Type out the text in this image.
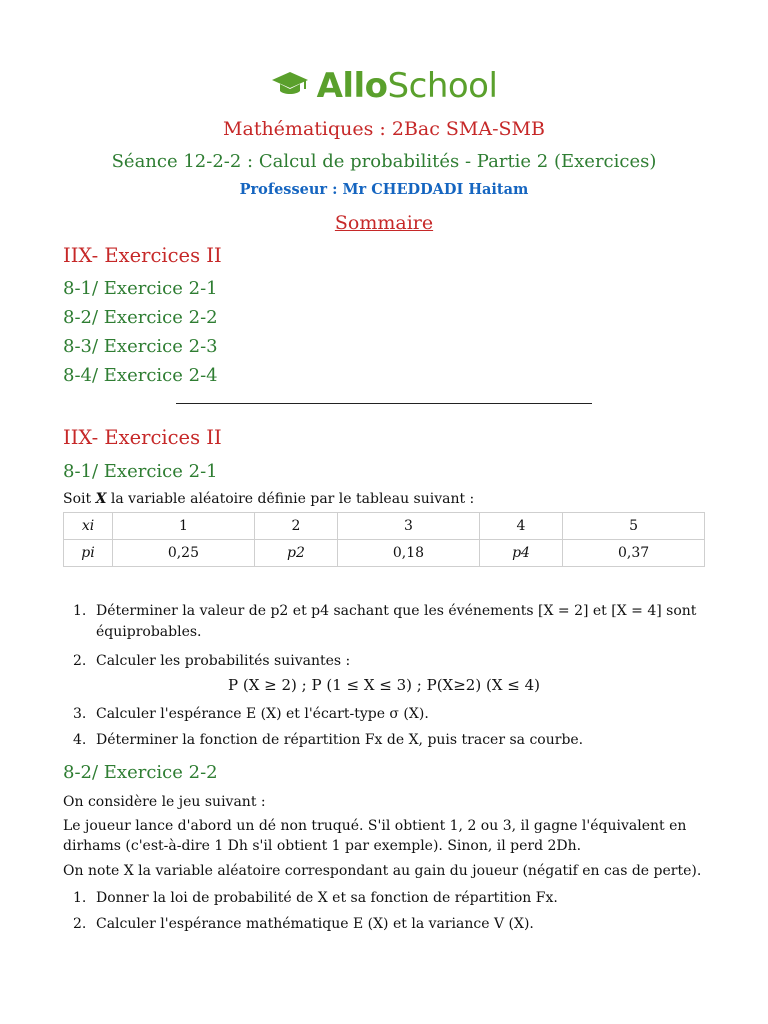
AlloSchool
Mathématiques : 2Bac SMA-SMB
Séance 12-2-2 : Calcul de probabilités - Partie 2 (Exercices)
Professeur : Mr CHEDDADI Haitam
Sommaire
IIX- Exercices II
8-1/ Exercice 2-1
8-2/ Exercice 2-2
8-3/ Exercice 2-3
8-4/ Exercice 2-4
IIX- Exercices II
8-1/ Exercice 2-1
Soit X la variable aléatoire définie par le tableau suivant :
xi	1	2	3	4	5
pi	0,25	p2	0,18	p4	0,37
1. Déterminer la valeur de p2 et p4 sachant que les événements [X = 2] et [X = 4] sont
équiprobables.
2. Calculer les probabilités suivantes :
P (X ≥ 2) ; P (1 ≤ X ≤ 3) ; P(X≥2) (X ≤ 4)
3. Calculer l'espérance E (X) et l'écart-type σ (X).
4. Déterminer la fonction de répartition Fx de X, puis tracer sa courbe.
8-2/ Exercice 2-2
On considère le jeu suivant :
Le joueur lance d'abord un dé non truqué. S'il obtient 1, 2 ou 3, il gagne l'équivalent en
dirhams (c'est-à-dire 1 Dh s'il obtient 1 par exemple). Sinon, il perd 2Dh.
On note X la variable aléatoire correspondant au gain du joueur (négatif en cas de perte).
1. Donner la loi de probabilité de X et sa fonction de répartition Fx.
2. Calculer l'espérance mathématique E (X) et la variance V (X).
